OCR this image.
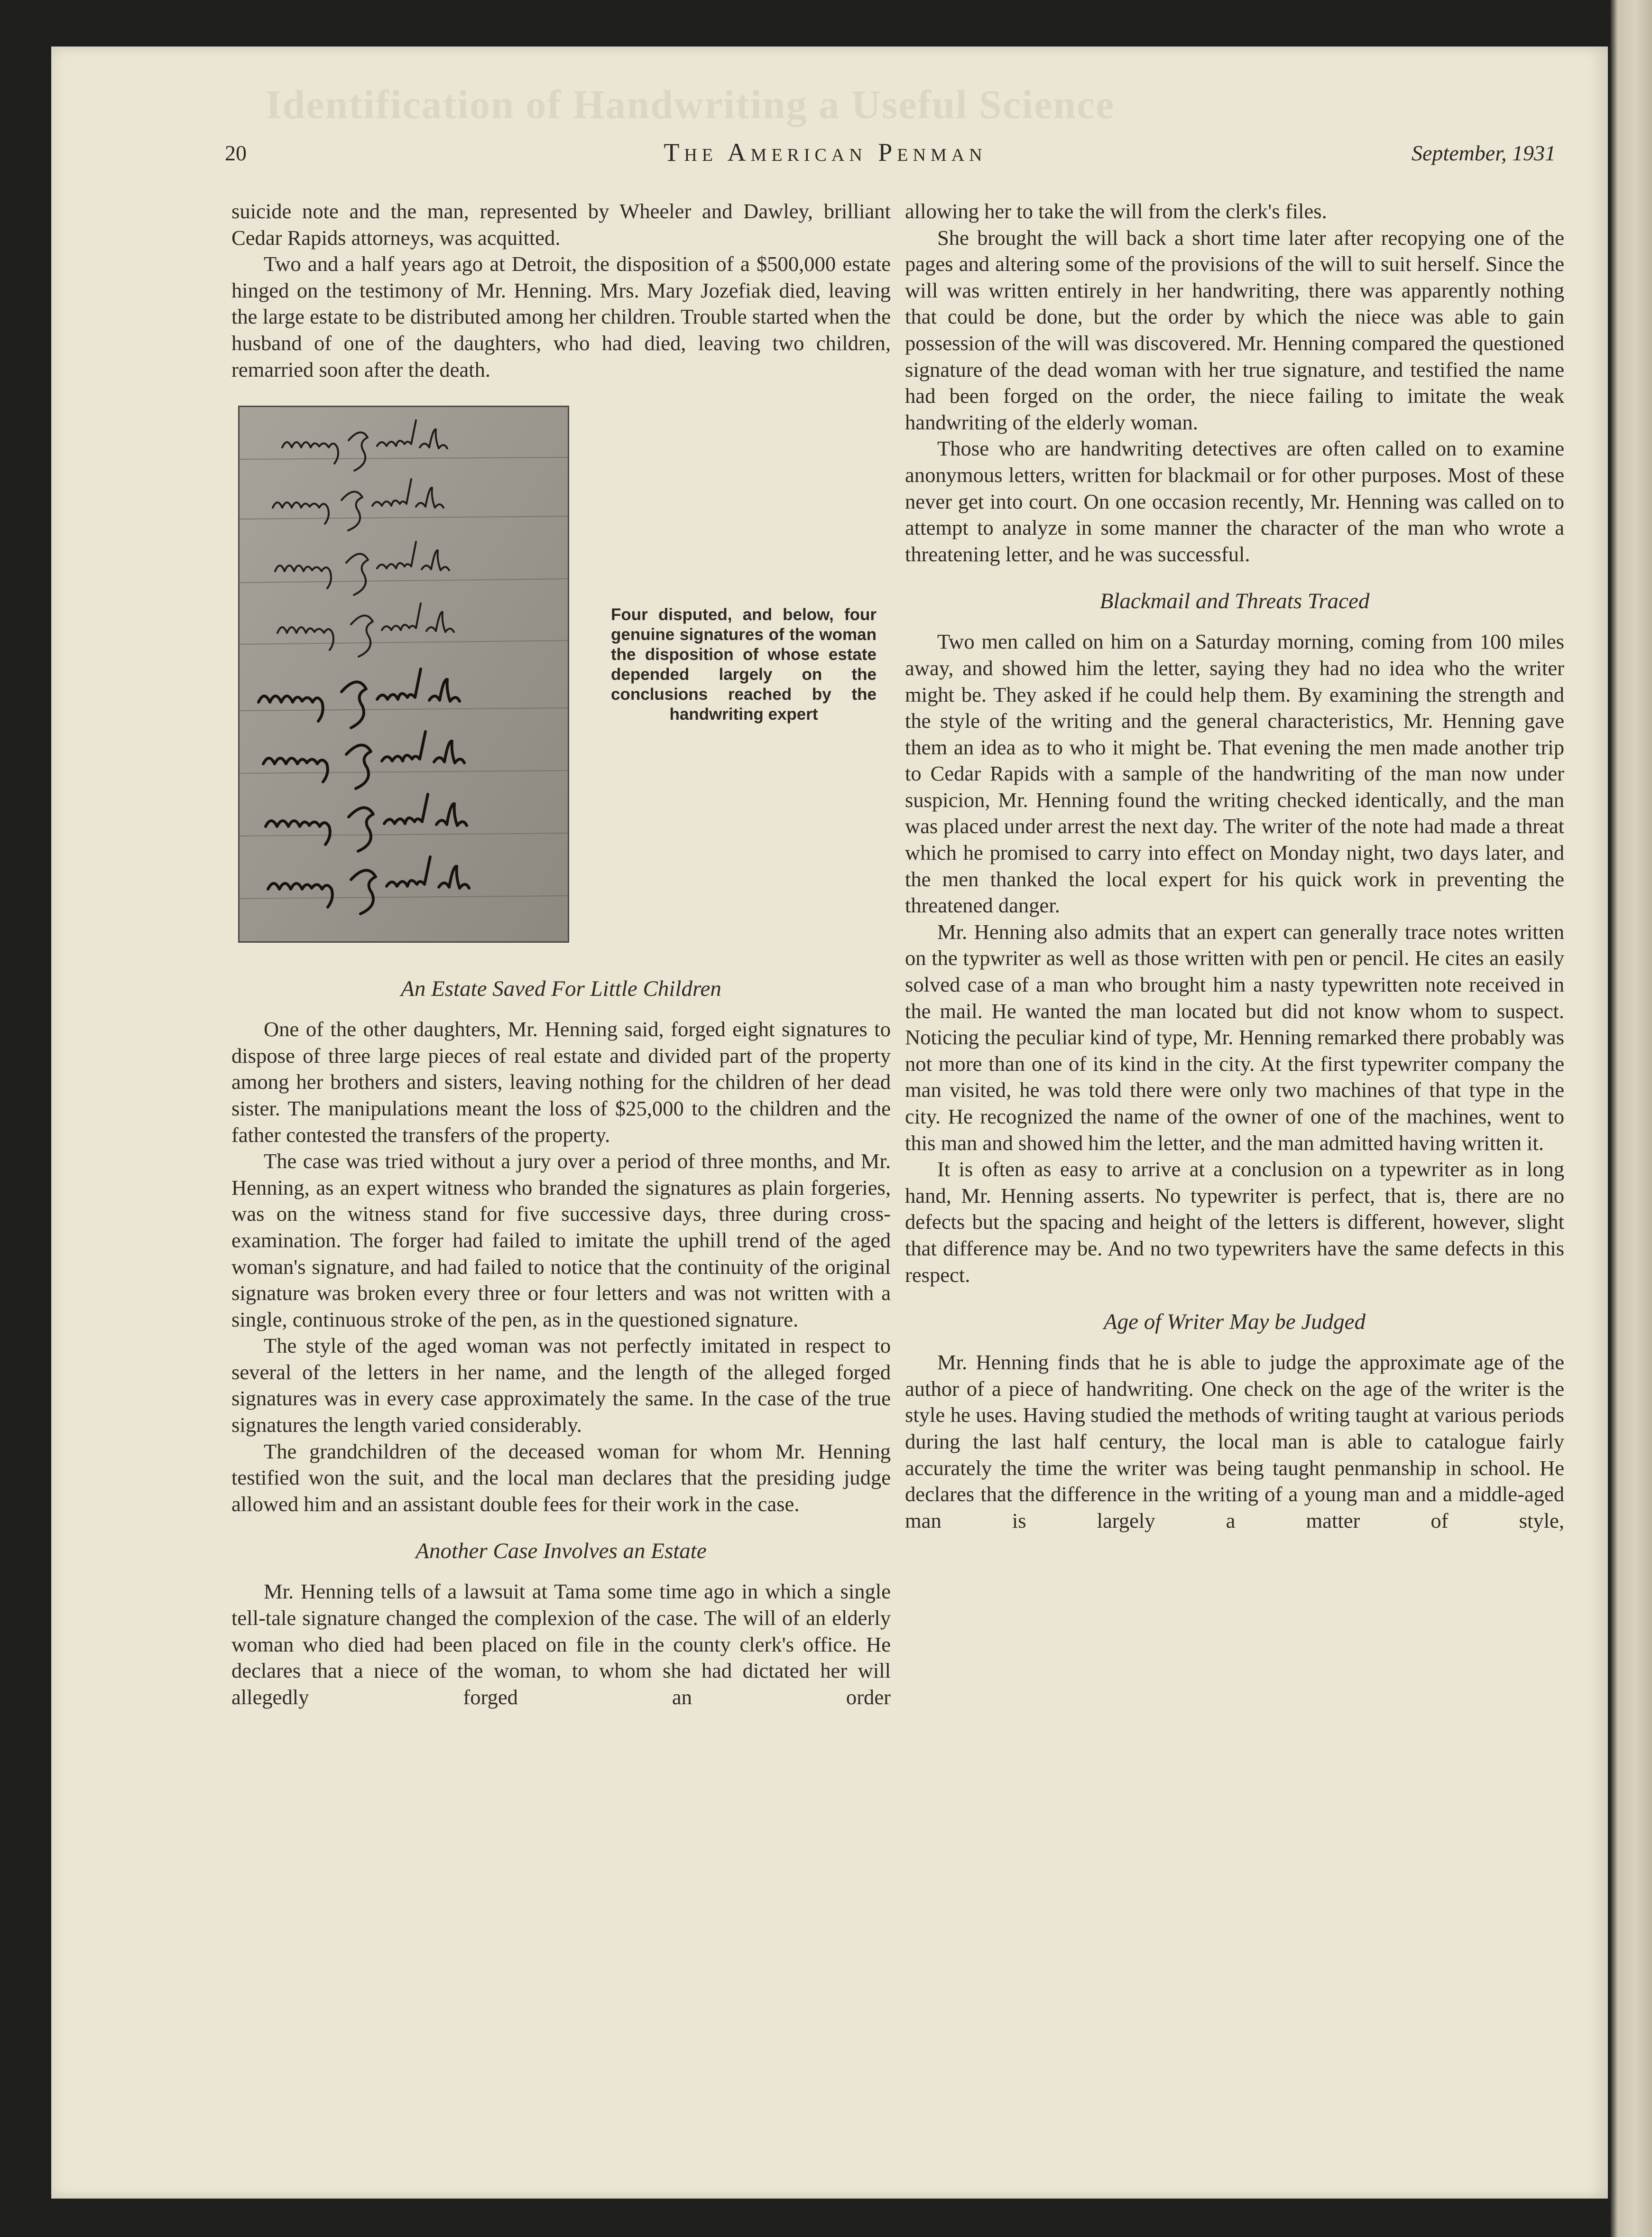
Identification of Handwriting a Useful Science
20	The American Penman	September, 1931

suicide note and the man, represented by Wheeler and Dawley, brilliant Cedar Rapids attorneys, was acquitted.

Two and a half years ago at Detroit, the disposition of a $500,000 estate hinged on the testimony of Mr. Henning. Mrs. Mary Jozefiak died, leaving the large estate to be distributed among her children. Trouble started when the husband of one of the daughters, who had died, leaving two children, remarried soon after the death.

Four disputed, and below, four genuine signatures of the woman the disposition of whose estate depended largely on the conclusions reached by the handwriting expert
An Estate Saved For Little Children

One of the other daughters, Mr. Henning said, forged eight signatures to dispose of three large pieces of real estate and divided part of the property among her brothers and sisters, leaving nothing for the children of her dead sister. The manipulations meant the loss of $25,000 to the children and the father contested the transfers of the property.

The case was tried without a jury over a period of three months, and Mr. Henning, as an expert witness who branded the signatures as plain forgeries, was on the witness stand for five successive days, three during cross-examination. The forger had failed to imitate the uphill trend of the aged woman's signature, and had failed to notice that the continuity of the original signature was broken every three or four letters and was not written with a single, continuous stroke of the pen, as in the questioned signature.

The style of the aged woman was not perfectly imitated in respect to several of the letters in her name, and the length of the alleged forged signatures was in every case approximately the same. In the case of the true signatures the length varied considerably.

The grandchildren of the deceased woman for whom Mr. Henning testified won the suit, and the local man declares that the presiding judge allowed him and an assistant double fees for their work in the case.

Another Case Involves an Estate

Mr. Henning tells of a lawsuit at Tama some time ago in which a single tell-tale signature changed the complexion of the case. The will of an elderly woman who died had been placed on file in the county clerk's office. He declares that a niece of the woman, to whom she had dictated her will allegedly forged an order

allowing her to take the will from the clerk's files.

She brought the will back a short time later after recopying one of the pages and altering some of the provisions of the will to suit herself. Since the will was written entirely in her handwriting, there was apparently nothing that could be done, but the order by which the niece was able to gain possession of the will was discovered. Mr. Henning compared the questioned signature of the dead woman with her true signature, and testified the name had been forged on the order, the niece failing to imitate the weak handwriting of the elderly woman.

Those who are handwriting detectives are often called on to examine anonymous letters, written for blackmail or for other purposes. Most of these never get into court. On one occasion recently, Mr. Henning was called on to attempt to analyze in some manner the character of the man who wrote a threatening letter, and he was successful.

Blackmail and Threats Traced

Two men called on him on a Saturday morning, coming from 100 miles away, and showed him the letter, saying they had no idea who the writer might be. They asked if he could help them. By examining the strength and the style of the writing and the general characteristics, Mr. Henning gave them an idea as to who it might be. That evening the men made another trip to Cedar Rapids with a sample of the handwriting of the man now under suspicion, Mr. Henning found the writing checked identically, and the man was placed under arrest the next day. The writer of the note had made a threat which he promised to carry into effect on Monday night, two days later, and the men thanked the local expert for his quick work in preventing the threatened danger.

Mr. Henning also admits that an expert can generally trace notes written on the typwriter as well as those written with pen or pencil. He cites an easily solved case of a man who brought him a nasty typewritten note received in the mail. He wanted the man located but did not know whom to suspect. Noticing the peculiar kind of type, Mr. Henning remarked there probably was not more than one of its kind in the city. At the first typewriter company the man visited, he was told there were only two machines of that type in the city. He recognized the name of the owner of one of the machines, went to this man and showed him the letter, and the man admitted having written it.

It is often as easy to arrive at a conclusion on a typewriter as in long hand, Mr. Henning asserts. No typewriter is perfect, that is, there are no defects but the spacing and height of the letters is different, however, slight that difference may be. And no two typewriters have the same defects in this respect.

Age of Writer May be Judged

Mr. Henning finds that he is able to judge the approximate age of the author of a piece of handwriting. One check on the age of the writer is the style he uses. Having studied the methods of writing taught at various periods during the last half century, the local man is able to catalogue fairly accurately the time the writer was being taught penmanship in school. He declares that the difference in the writing of a young man and a middle-aged man is largely a matter of style,
